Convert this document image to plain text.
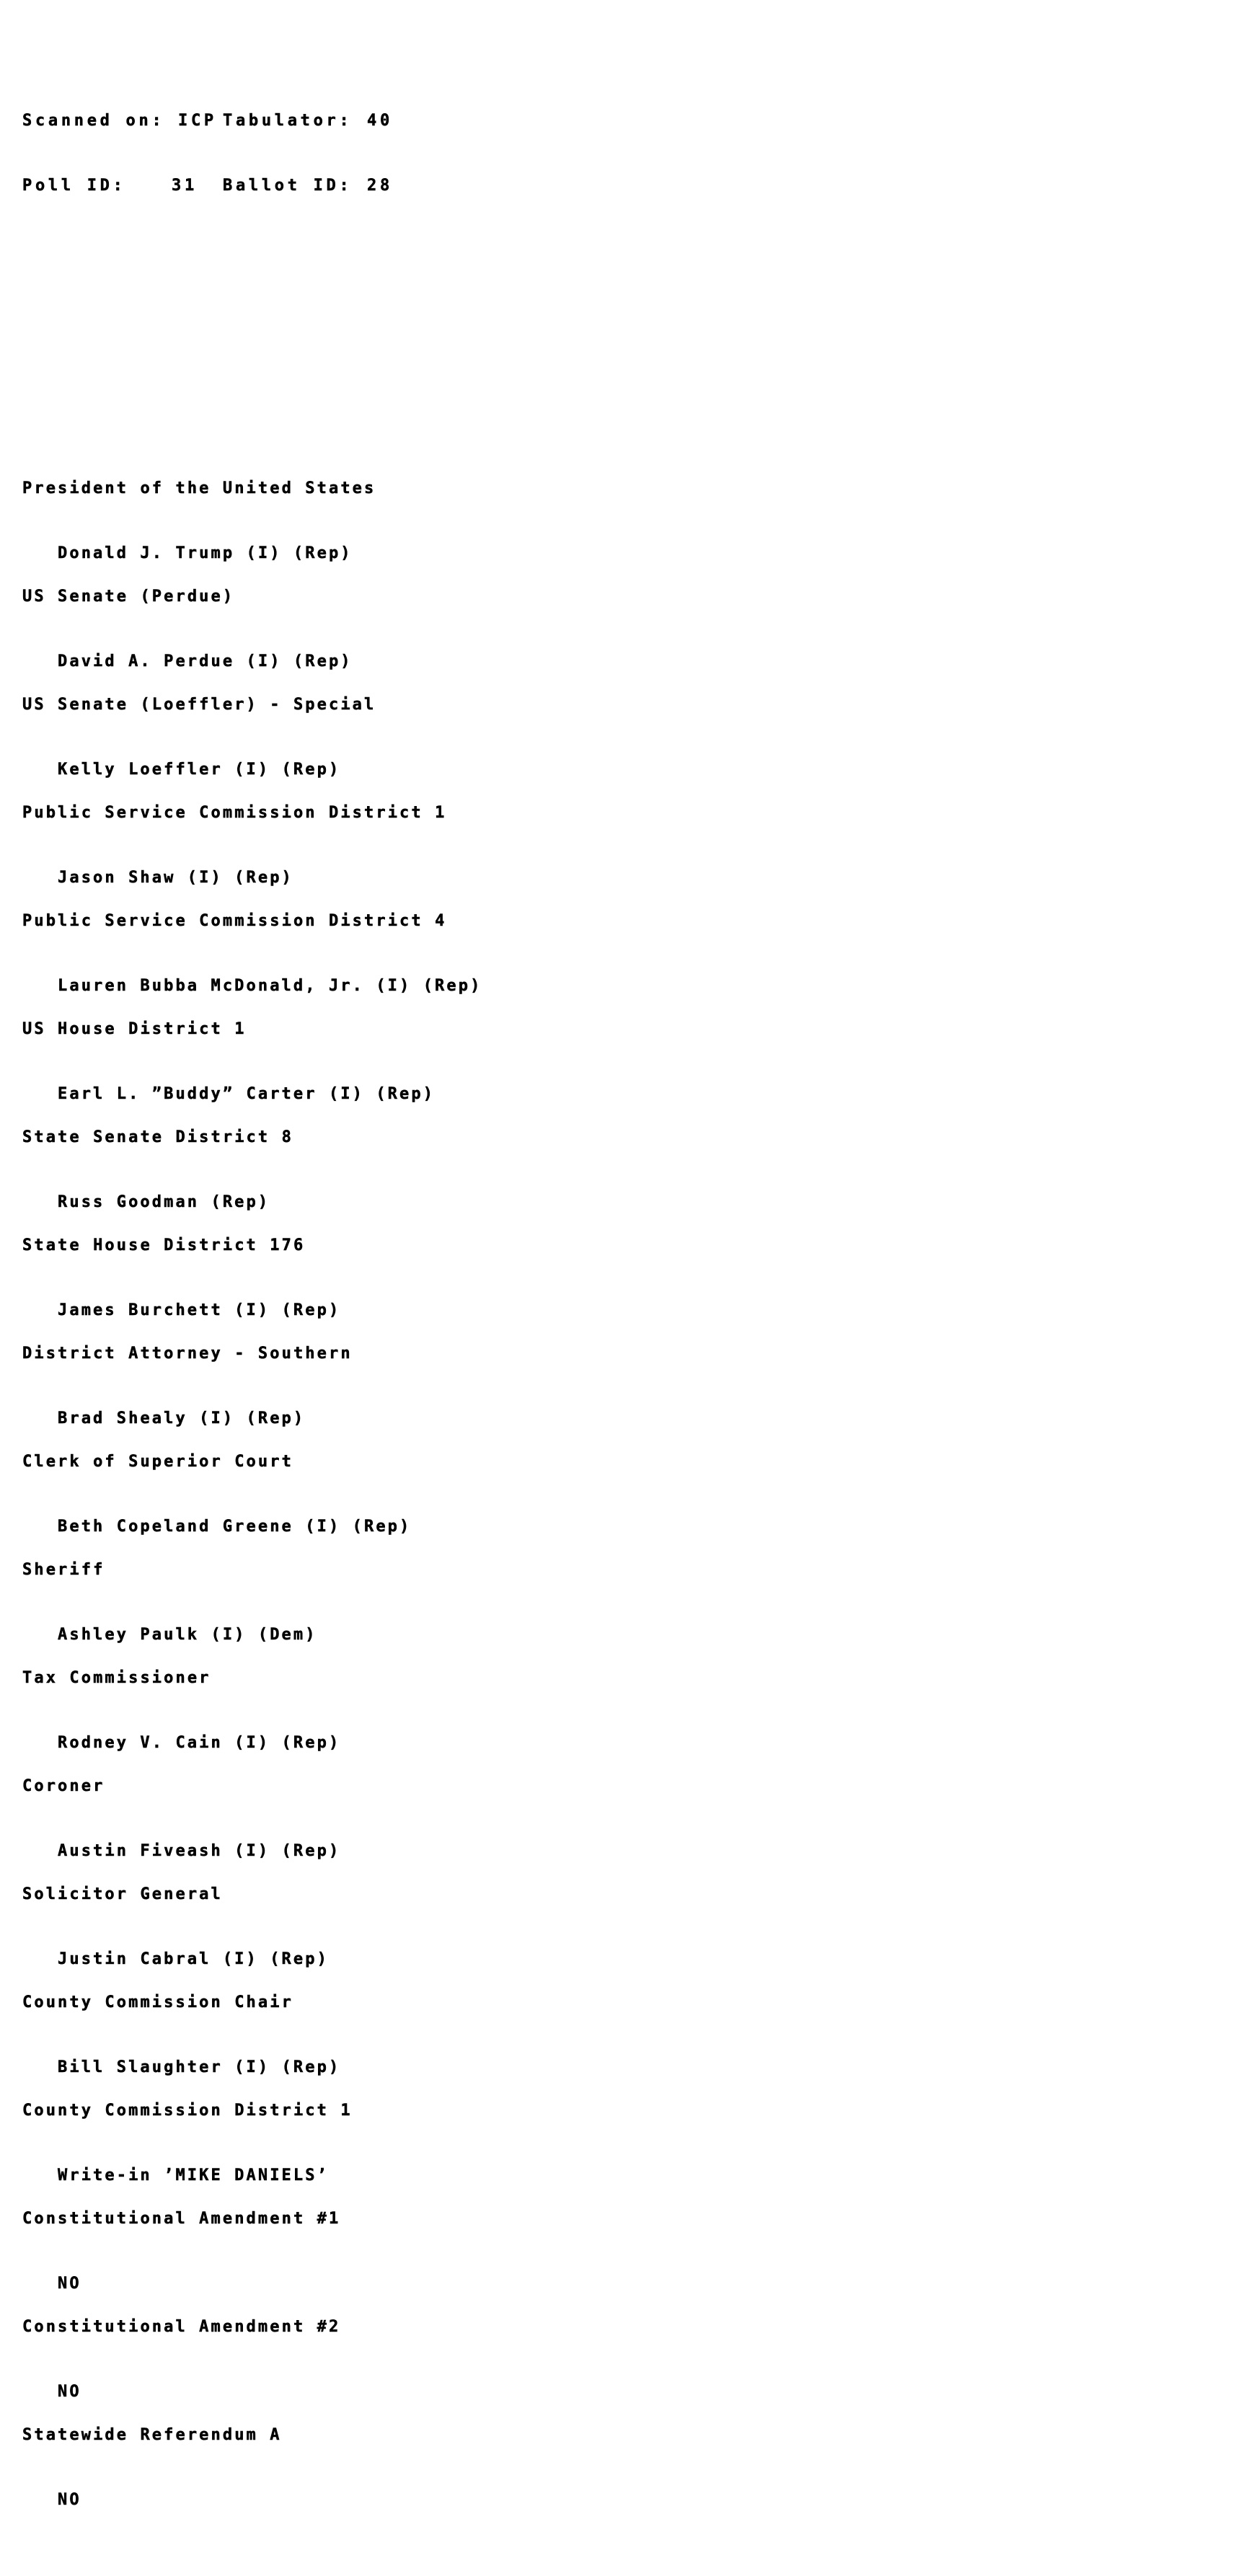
Scanned on:

ICP

Tabulator:

40

Poll ID:

	31

Ballot ID:

28

President of the United States

Donald J. Trump (I) (Rep)

US Senate (Perdue)

David A. Perdue (I) (Rep)

US Senate (Loeffler) - Special

Kelly Loeffler (I) (Rep)

Public Service Commission District 1

Jason Shaw (I) (Rep)

Public Service Commission District 4

Lauren Bubba McDonald, Jr. (I) (Rep)

US House District 1

Earl L. ”Buddy” Carter (I) (Rep)

State Senate District 8

Russ Goodman (Rep)

State House District 176

James Burchett (I) (Rep)

District Attorney - Southern

Brad Shealy (I) (Rep)

Clerk of Superior Court

Beth Copeland Greene (I) (Rep)

Sheriff

Ashley Paulk (I) (Dem)

Tax Commissioner

Rodney V. Cain (I) (Rep)

Coroner

Austin Fiveash (I) (Rep)

Solicitor General

Justin Cabral (I) (Rep)

County Commission Chair

Bill Slaughter (I) (Rep)

County Commission District 1

Write-in ’MIKE DANIELS’

Constitutional Amendment #1

NO

Constitutional Amendment #2

NO

Statewide Referendum A

NO
